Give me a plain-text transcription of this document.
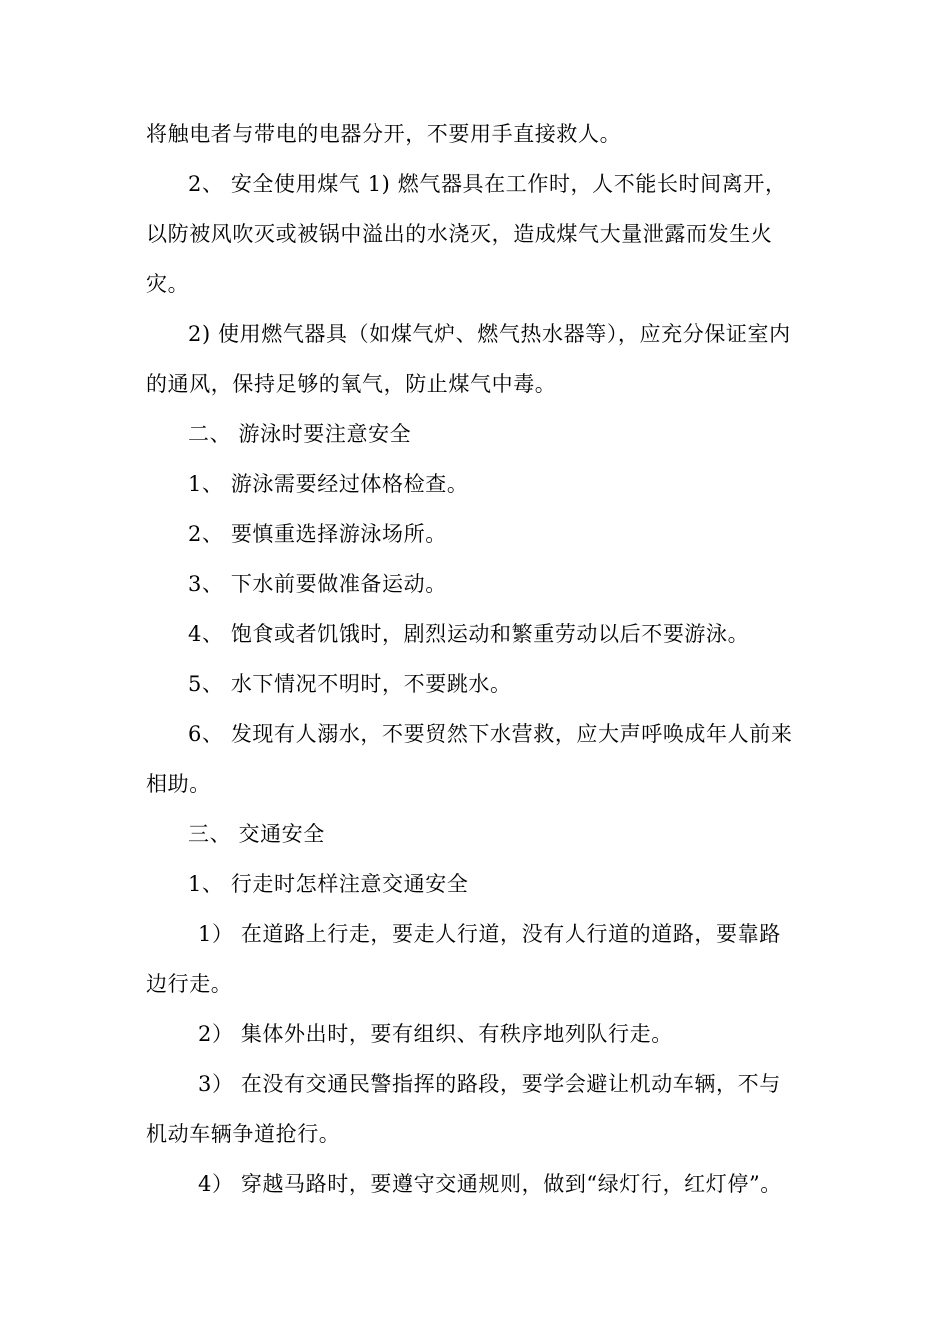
将触电者与带电的电器分开，不要用手直接救人。
2、 安全使用煤气 1) 燃气器具在工作时，人不能长时间离开，
以防被风吹灭或被锅中溢出的水浇灭，造成煤气大量泄露而发生火
灾。
2) 使用燃气器具（如煤气炉、燃气热水器等），应充分保证室内
的通风，保持足够的氧气，防止煤气中毒。
二、 游泳时要注意安全
1、 游泳需要经过体格检查。
2、 要慎重选择游泳场所。
3、 下水前要做准备运动。
4、 饱食或者饥饿时，剧烈运动和繁重劳动以后不要游泳。
5、 水下情况不明时，不要跳水。
6、 发现有人溺水，不要贸然下水营救，应大声呼唤成年人前来
相助。
三、 交通安全
1、 行走时怎样注意交通安全
1） 在道路上行走，要走人行道，没有人行道的道路，要靠路
边行走。
2） 集体外出时，要有组织、有秩序地列队行走。
3） 在没有交通民警指挥的路段，要学会避让机动车辆，不与
机动车辆争道抢行。
4） 穿越马路时，要遵守交通规则，做到“绿灯行，红灯停”。
